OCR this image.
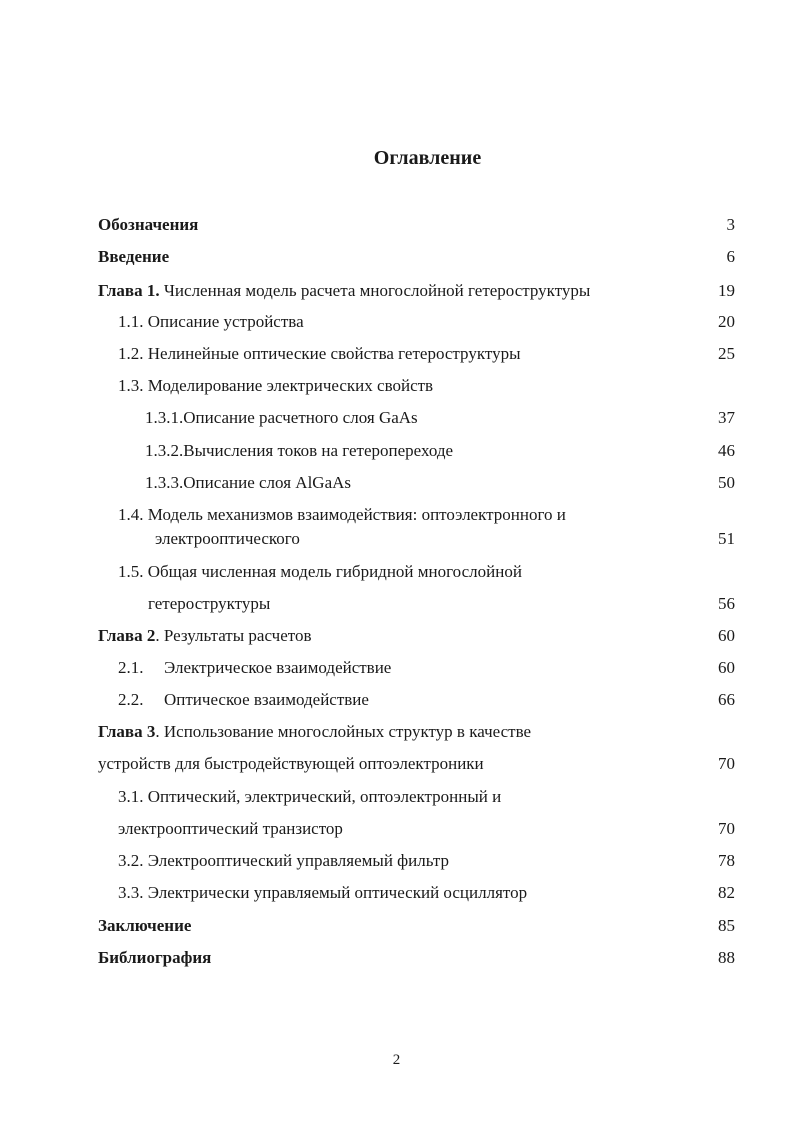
Оглавление
Обозначения	3
Введение	6
Глава 1. Численная модель расчета многослойной гетероструктуры	19
1.1. Описание устройства	20
1.2. Нелинейные оптические свойства гетероструктуры	25
1.3. Моделирование электрических свойств
1.3.1.Описание расчетного слоя GaAs	37
1.3.2.Вычисления токов на гетеропереходе	46
1.3.3.Описание слоя AlGaAs	50
1.4. Модель механизмов взаимодействия: оптоэлектронного и
электрооптического	51
1.5. Общая численная модель гибридной многослойной
гетероструктуры	56
Глава 2. Результаты расчетов	60
2.1. Электрическое взаимодействие	60
2.2. Оптическое взаимодействие	66
Глава 3. Использование многослойных структур в качестве
устройств для быстродействующей оптоэлектроники	70
3.1. Оптический, электрический, оптоэлектронный и
электрооптический транзистор	70
3.2. Электрооптический управляемый фильтр	78
3.3. Электрически управляемый оптический осциллятор	82
Заключение	85
Библиография	88
2
